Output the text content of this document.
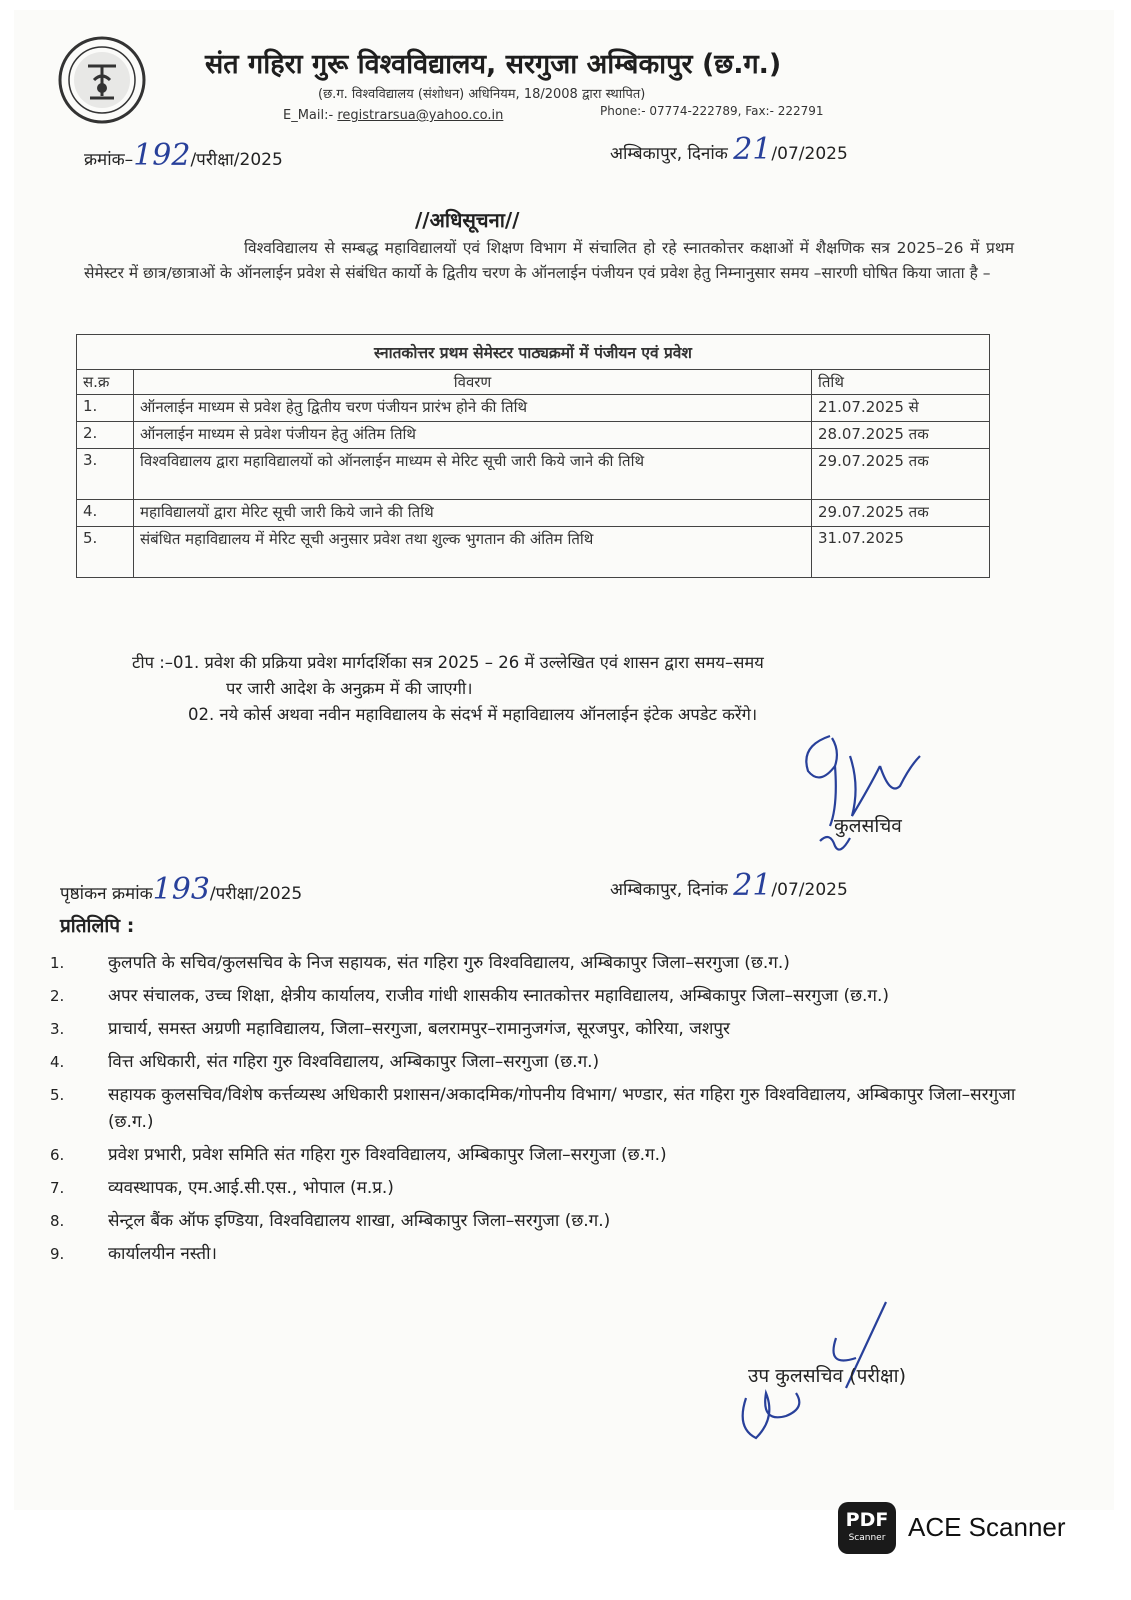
संत गहिरा गुरू विश्वविद्यालय, सरगुजा अम्बिकापुर (छ.ग.)
(छ.ग. विश्वविद्यालय (संशोधन) अधिनियम, 18/2008 द्वारा स्थापित)
E_Mail:- registrarsua@yahoo.co.in	Phone:- 07774-222789, Fax:- 222791
क्रमांक–192/परीक्षा/2025	अम्बिकापुर, दिनांक 21/07/2025
//अधिसूचना//
विश्वविद्यालय से सम्बद्ध महाविद्यालयों एवं शिक्षण विभाग में संचालित हो रहे स्नातकोत्तर कक्षाओं में शैक्षणिक सत्र 2025–26 में प्रथम सेमेस्टर में छात्र/छात्राओं के ऑनलाईन प्रवेश से संबंधित कार्यो के द्वितीय चरण के ऑनलाईन पंजीयन एवं प्रवेश हेतु निम्नानुसार समय –सारणी घोषित किया जाता है –
स्नातकोत्तर प्रथम सेमेस्टर पाठ्यक्रमों में पंजीयन एवं प्रवेश		
स.क्र	विवरण	तिथि
1.	ऑनलाईन माध्यम से प्रवेश हेतु द्वितीय चरण पंजीयन प्रारंभ होने की तिथि	21.07.2025 से
2.	ऑनलाईन माध्यम से प्रवेश पंजीयन हेतु अंतिम तिथि	28.07.2025 तक
3.	विश्वविद्यालय द्वारा महाविद्यालयों को ऑनलाईन माध्यम से मेरिट सूची जारी किये जाने की तिथि	29.07.2025 तक
4.	महाविद्यालयों द्वारा मेरिट सूची जारी किये जाने की तिथि	29.07.2025 तक
5.	संबंधित महाविद्यालय में मेरिट सूची अनुसार प्रवेश तथा शुल्क भुगतान की अंतिम तिथि	31.07.2025
टीप :–01. प्रवेश की प्रक्रिया प्रवेश मार्गदर्शिका सत्र 2025 – 26 में उल्लेखित एवं शासन द्वारा समय–समय
पर जारी आदेश के अनुक्रम में की जाएगी।
02. नये कोर्स अथवा नवीन महाविद्यालय के संदर्भ में महाविद्यालय ऑनलाईन इंटेक अपडेट करेंगे।
कुलसचिव
पृष्ठांकन क्रमांक193/परीक्षा/2025	अम्बिकापुर, दिनांक 21/07/2025
प्रतिलिपि :
1.	कुलपति के सचिव/कुलसचिव के निज सहायक, संत गहिरा गुरु विश्वविद्यालय, अम्बिकापुर जिला–सरगुजा (छ.ग.)
2.	अपर संचालक, उच्च शिक्षा, क्षेत्रीय कार्यालय, राजीव गांधी शासकीय स्नातकोत्तर महाविद्यालय, अम्बिकापुर जिला–सरगुजा (छ.ग.)
3.	प्राचार्य, समस्त अग्रणी महाविद्यालय, जिला–सरगुजा, बलरामपुर–रामानुजगंज, सूरजपुर, कोरिया, जशपुर
4.	वित्त अधिकारी, संत गहिरा गुरु विश्वविद्यालय, अम्बिकापुर जिला–सरगुजा (छ.ग.)
5.	सहायक कुलसचिव/विशेष कर्त्तव्यस्थ अधिकारी प्रशासन/अकादमिक/गोपनीय विभाग/ भण्डार, संत गहिरा गुरु विश्वविद्यालय, अम्बिकापुर जिला–सरगुजा (छ.ग.)
6.	प्रवेश प्रभारी, प्रवेश समिति संत गहिरा गुरु विश्वविद्यालय, अम्बिकापुर जिला–सरगुजा (छ.ग.)
7.	व्यवस्थापक, एम.आई.सी.एस., भोपाल (म.प्र.)
8.	सेन्ट्रल बैंक ऑफ इण्डिया, विश्वविद्यालय शाखा, अम्बिकापुर जिला–सरगुजा (छ.ग.)
9.	कार्यालयीन नस्ती।
उप कुलसचिव (परीक्षा)
PDF
Scanner ACE Scanner
